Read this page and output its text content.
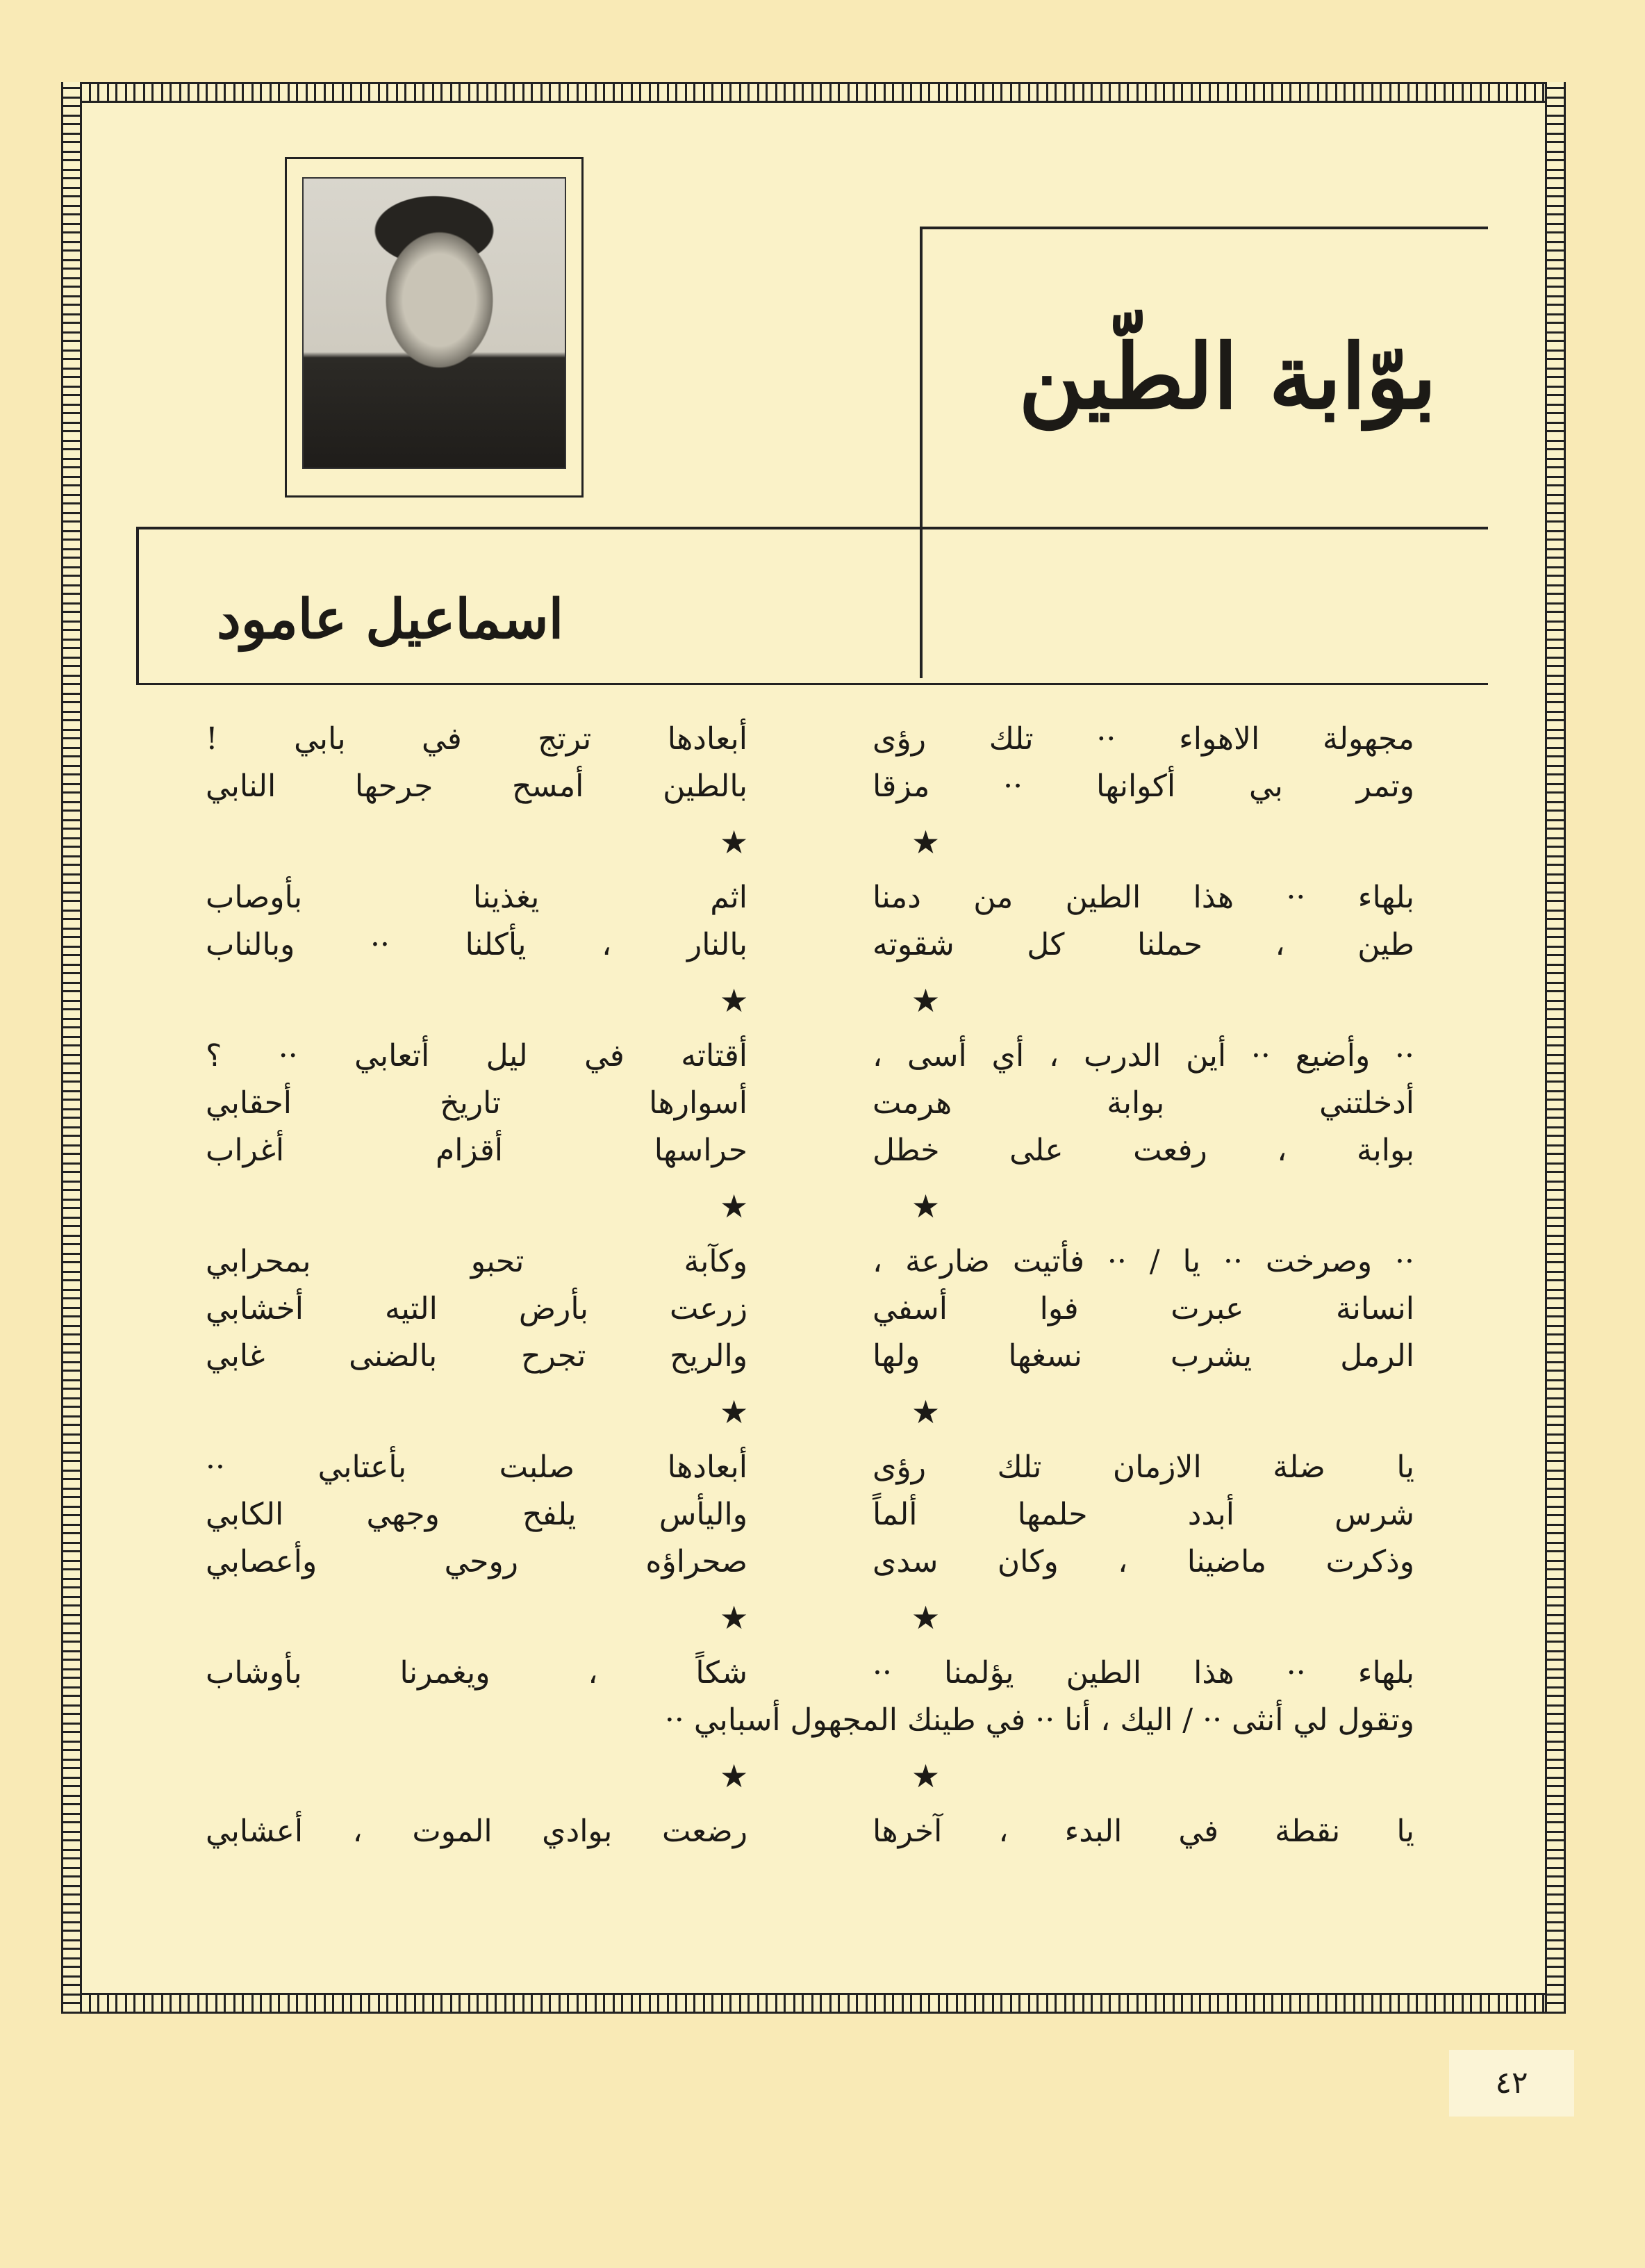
بوّابة الطّين
اسماعيل عامود
مجهولة الاهواء ·· تلك رؤى
أبعادها ترتج في بابي !
وتمر بي أكوانها ·· مزقا
بالطين أمسح جرحها النابي
★ ★
بلهاء ·· هذا الطين من دمنا
اثم يغذينا بأوصاب
طين ، حملنا كل شقوته
بالنار ، يأكلنا ·· وبالناب
★ ★
·· وأضيع ·· أين الدرب ، أي أسى ،
أقتاته في ليل أتعابي ·· ؟
أدخلتني بوابة هرمت
أسوارها تاريخ أحقابي
بوابة ، رفعت على خطل
حراسها أقزام أغراب
★ ★
·· وصرخت ·· يا / ·· فأتيت ضارعة ،
وكآبة تحبو بمحرابي
انسانة عبرت فوا أسفي
زرعت بأرض التيه أخشابي
الرمل يشرب نسغها ولها
والريح تجرح بالضنى غابي
★ ★
يا ضلة الازمان تلك رؤى
أبعادها صلبت بأعتابي ··
شرس أبدد حلمها ألماً
واليأس يلفح وجهي الكابي
وذكرت ماضينا ، وكان سدى
صحراؤه روحي وأعصابي
★ ★
بلهاء ·· هذا الطين يؤلمنا ··
شكاً ، ويغمرنا بأوشاب
وتقول لي أنثى ·· / اليك ، أنا ·· في طينك المجهول أسبابي ··
★ ★
يا نقطة في البدء ، آخرها
رضعت بوادي الموت ، أعشابي
٤٢
